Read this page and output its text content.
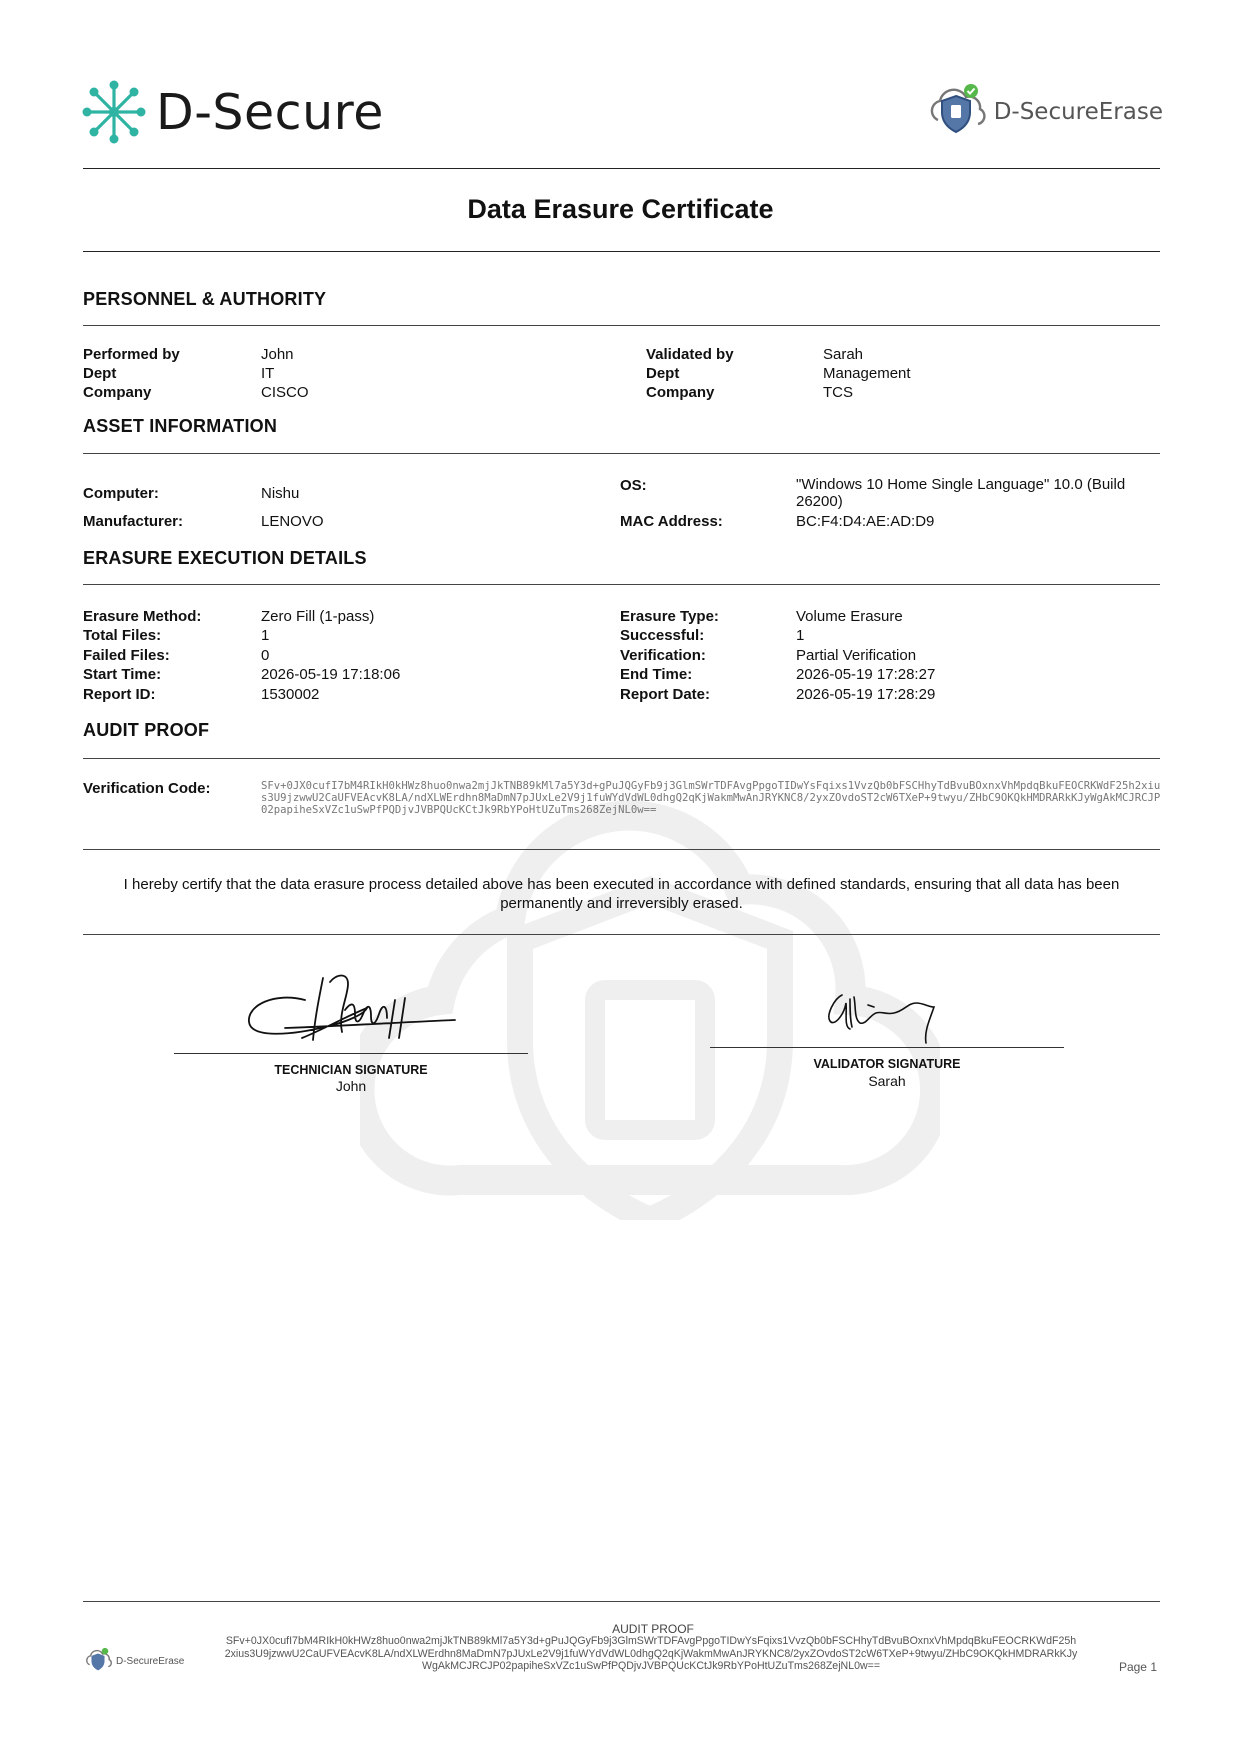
D-Secure	D-SecureErase
Data Erasure Certificate
PERSONNEL & AUTHORITY
Performed by	John
Dept	IT
Company	CISCO
Validated by	Sarah
Dept	Management
Company	TCS
ASSET INFORMATION
Computer:	Nishu
Manufacturer:	LENOVO
OS:	"Windows 10 Home Single Language" 10.0 (Build 26200)
MAC Address:	BC:F4:D4:AE:AD:D9
ERASURE EXECUTION DETAILS
Erasure Method:	Zero Fill (1-pass)
Total Files:	1
Failed Files:	0
Start Time:	2026-05-19 17:18:06
Report ID:	1530002
Erasure Type:	Volume Erasure
Successful:	1
Verification:	Partial Verification
End Time:	2026-05-19 17:28:27
Report Date:	2026-05-19 17:28:29
AUDIT PROOF
Verification Code:	SFv+0JX0cufI7bM4RIkH0kHWz8huo0nwa2mjJkTNB89kMl7a5Y3d+gPuJQGyFb9j3GlmSWrTDFAvgPpgoTIDwYsFqixs1VvzQb0bFSCHhyTdBvuBOxnxVhMpdqBkuFEOCRKWdF25h2xius3U9jzwwU2CaUFVEAcvK8LA/ndXLWErdhn8MaDmN7pJUxLe2V9j1fuWYdVdWL0dhgQ2qKjWakmMwAnJRYKNC8/2yxZOvdoST2cW6TXeP+9twyu/ZHbC9OKQkHMDRARkKJyWgAkMCJRCJP02papiheSxVZc1uSwPfPQDjvJVBPQUcKCtJk9RbYPoHtUZuTms268ZejNL0w==
I hereby certify that the data erasure process detailed above has been executed in accordance with defined standards, ensuring that all data has been permanently and irreversibly erased.
TECHNICIAN SIGNATURE
John
VALIDATOR SIGNATURE
Sarah
AUDIT PROOF
SFv+0JX0cufI7bM4RIkH0kHWz8huo0nwa2mjJkTNB89kMl7a5Y3d+gPuJQGyFb9j3GlmSWrTDFAvgPpgoTIDwYsFqixs1VvzQb0bFSCHhyTdBvuBOxnxVhMpdqBkuFEOCRKWdF25h2xius3U9jzwwU2CaUFVEAcvK8LA/ndXLWErdhn8MaDmN7pJUxLe2V9j1fuWYdVdWL0dhgQ2qKjWakmMwAnJRYKNC8/2yxZOvdoST2cW6TXeP+9twyu/ZHbC9OKQkHMDRARkKJyWgAkMCJRCJP02papiheSxVZc1uSwPfPQDjvJVBPQUcKCtJk9RbYPoHtUZuTms268ZejNL0w==
D-SecureErase	Page 1
